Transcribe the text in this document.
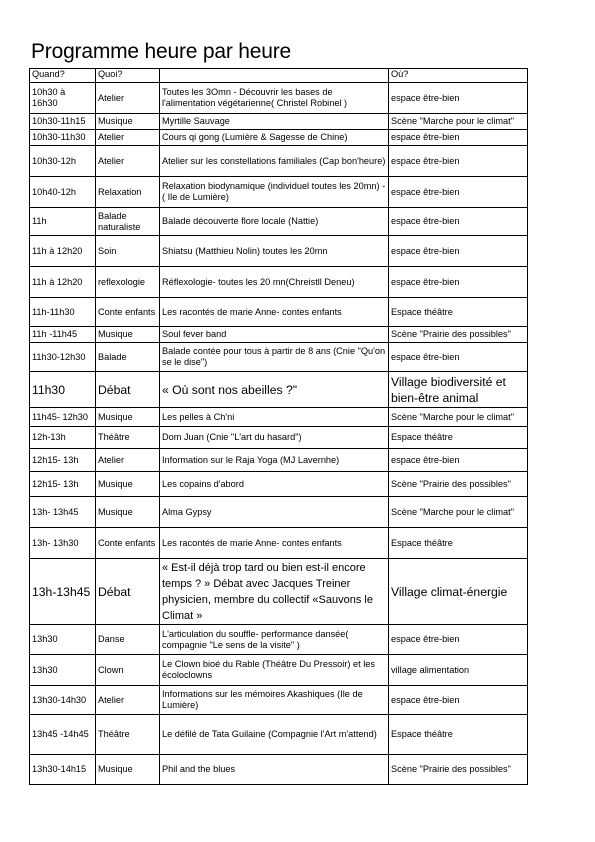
Programme heure par heure
Quand?	Quoi?		Où?
10h30 à 16h30	Atelier	Toutes les 3Omn - Découvrir les bases de l'alimentation végétarienne( Christel Robinel )	espace être-bien
10h30-11h15	Musique	Myrtille Sauvage	Scène "Marche pour le climat"
10h30-11h30	Atelier	Cours qi gong (Lumière & Sagesse de Chine)	espace être-bien
10h30-12h	Atelier	Atelier sur les constellations familiales (Cap bon'heure)	espace être-bien
10h40-12h	Relaxation	Relaxation biodynamique (individuel toutes les 20mn) -( Ile de Lumière)	espace être-bien
11h	Balade naturaliste	Balade découverte flore locale (Nattie)	espace être-bien
11h à 12h20	Soin	Shiatsu (Matthieu Nolin) toutes les 20mn	espace être-bien
11h à 12h20	reflexologie	Réflexologie- toutes les 20 mn(Chreistll Deneu)	espace être-bien
11h-11h30	Conte enfants	Les racontés de marie Anne- contes enfants	Espace théâtre
11h -11h45	Musique	Soul fever band	Scène "Prairie des possibles"
11h30-12h30	Balade	Balade contée pour tous à partir de 8 ans (Cnie "Qu'on se le dise")	espace être-bien
11h30	Débat	« Où sont nos abeilles ?"	Village biodiversité et bien-être animal
11h45- 12h30	Musique	Les pelles à Ch'ni	Scène "Marche pour le climat"
12h-13h	Théâtre	Dom Juan (Cnie "L'art du hasard")	Espace théâtre
12h15- 13h	Atelier	Information sur le Raja Yoga (MJ Lavernhe)	espace être-bien
12h15- 13h	Musique	Les copains d'abord	Scène "Prairie des possibles"
13h- 13h45	Musique	Alma Gypsy	Scène "Marche pour le climat"
13h- 13h30	Conte enfants	Les racontés de marie Anne- contes enfants	Espace théâtre
13h-13h45	Débat	« Est-il déjà trop tard ou bien est-il encore temps ? » Débat avec Jacques Treiner physicien, membre du collectif «Sauvons le Climat »	Village climat-énergie
13h30	Danse	L'articulation du souffle- performance dansée( compagnie "Le sens de la visite" )	espace être-bien
13h30	Clown	Le Clown bioé du Rable (Théâtre Du Pressoir) et les écoloclowns	village alimentation
13h30-14h30	Atelier	Informations sur les mémoires Akashiques (Ile de Lumière)	espace être-bien
13h45 -14h45	Théâtre	Le défilé de Tata Guilaine (Compagnie l'Art m'attend)	Espace théâtre
13h30-14h15	Musique	Phil and the blues	Scène "Prairie des possibles"
